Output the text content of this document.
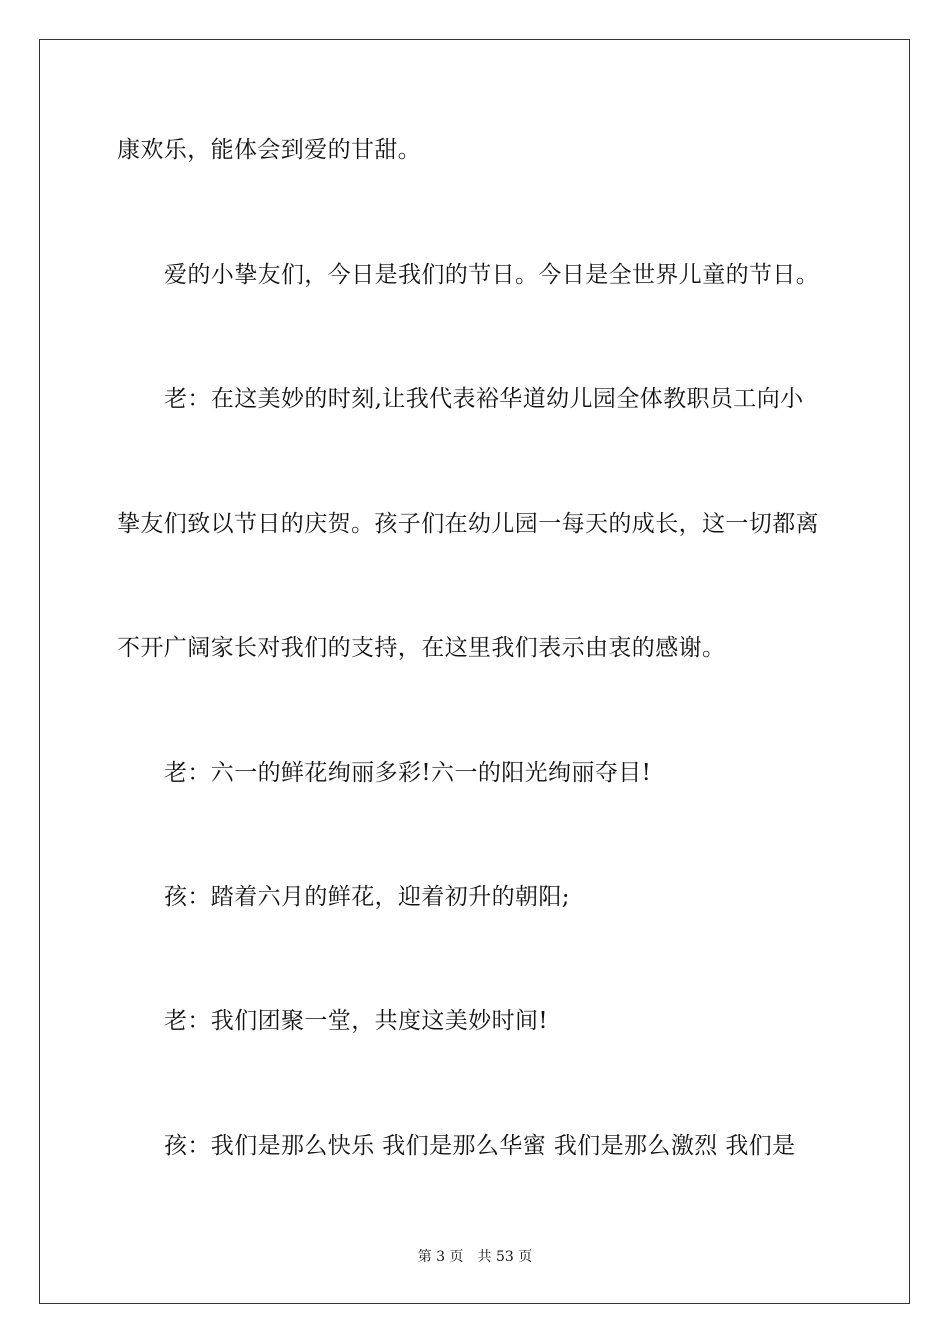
康欢乐，能体会到爱的甘甜。
爱的小挚友们，今日是我们的节日。今日是全世界儿童的节日。
老：在这美妙的时刻,让我代表裕华道幼儿园全体教职员工向小
挚友们致以节日的庆贺。孩子们在幼儿园一每天的成长，这一切都离
不开广阔家长对我们的支持，在这里我们表示由衷的感谢。
老：六一的鲜花绚丽多彩!六一的阳光绚丽夺目!
孩：踏着六月的鲜花，迎着初升的朝阳;
老：我们团聚一堂，共度这美妙时间!
孩：我们是那么快乐 我们是那么华蜜 我们是那么激烈 我们是
第 3 页 共 53 页
